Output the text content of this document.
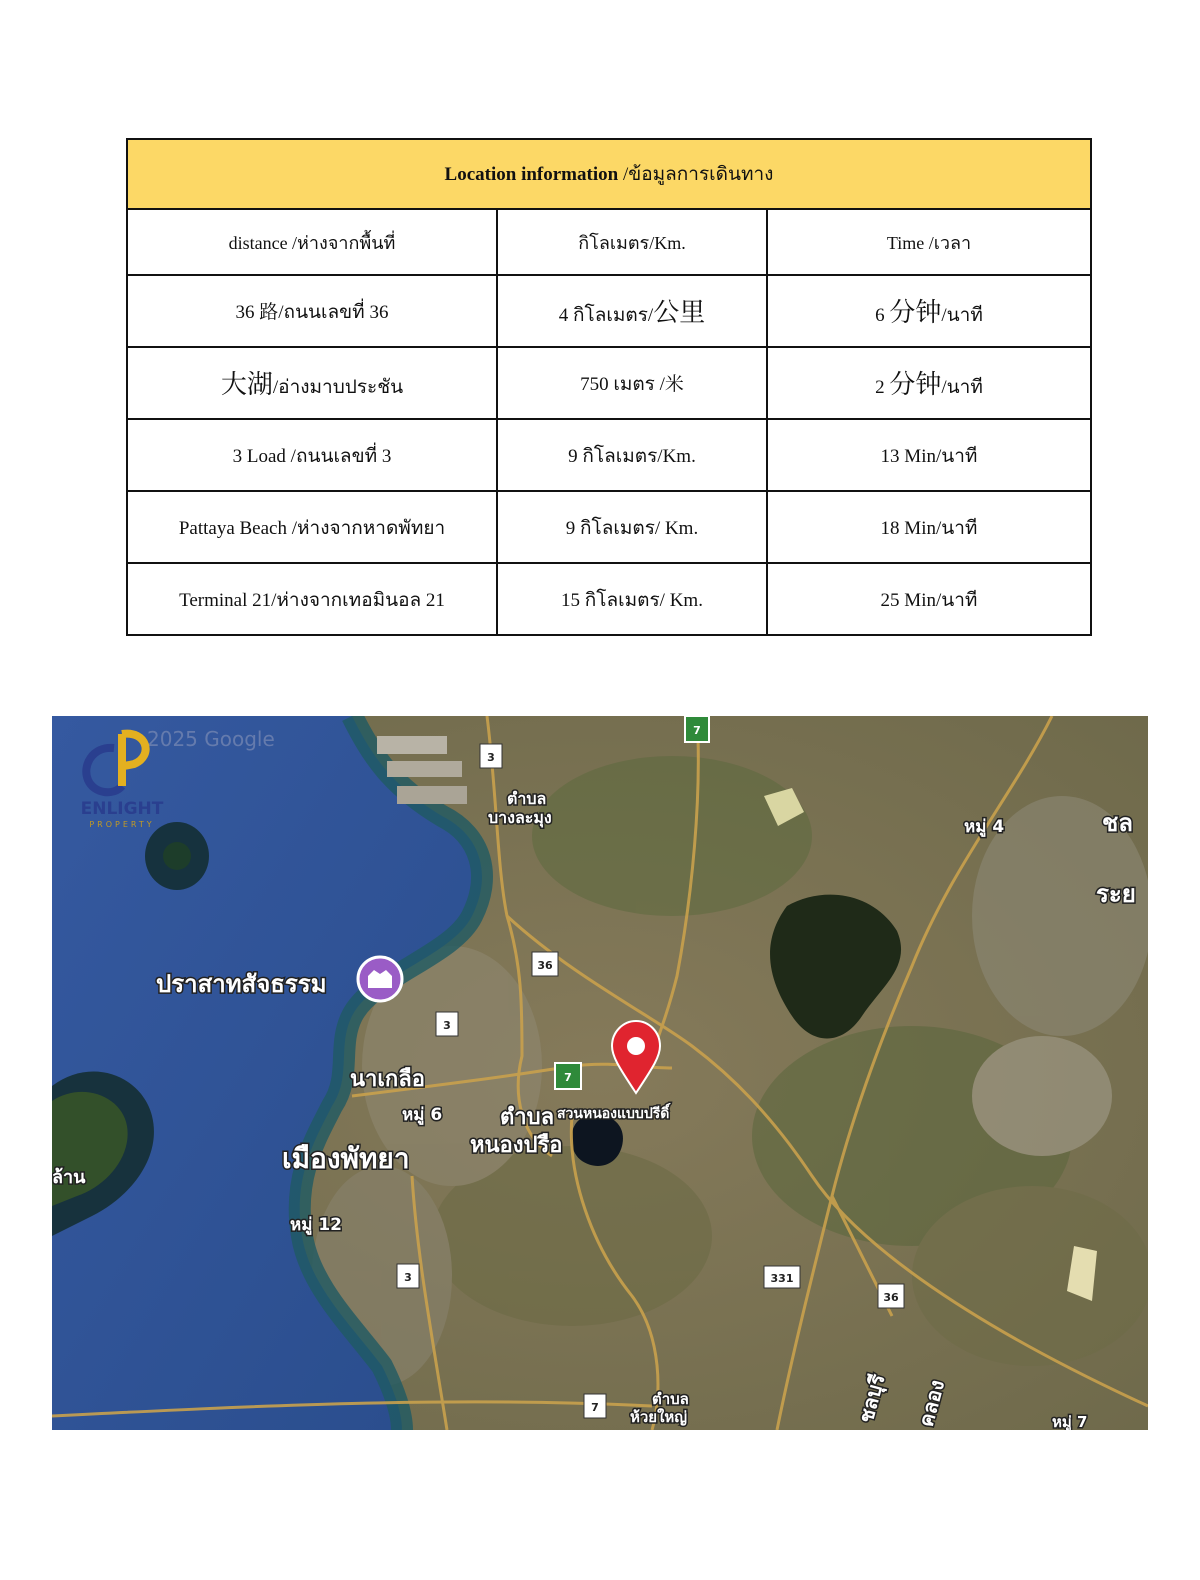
Location information /ข้อมูลการเดินทาง		
distance /ห่างจากพื้นที่	กิโลเมตร/Km.	Time /เวลา
36 路/ถนนเลขที่ 36	4 กิโลเมตร/公里	6 分钟/นาที
大湖/อ่างมาบประชัน	750 เมตร /米	2 分钟/นาที
3 Load /ถนนเลขที่ 3	9 กิโลเมตร/Km.	13 Min/นาที
Pattaya Beach /ห่างจากหาดพัทยา	9 กิโลเมตร/ Km.	18 Min/นาที
Terminal 21/ห่างจากเทอมินอล 21	15 กิโลเมตร/ Km.	25 Min/นาที
3
7
36
3
7
3	331
36
7
2025 Google
ENLIGHT
PROPERTY
ปราสาทสัจธรรม
นาเกลือ
หมู่ 6
เมืองพัทยา
หมู่ 12
ตำบล
หนองปรือ
ตำบล
บางละมุง	หมู่ 4
สวนหนองแบบปรีดิ์
ตำบล
ห้วยใหญ่
ชล
ระย
ล้าน
หมู่ 7
ชลบุรี คลอง
